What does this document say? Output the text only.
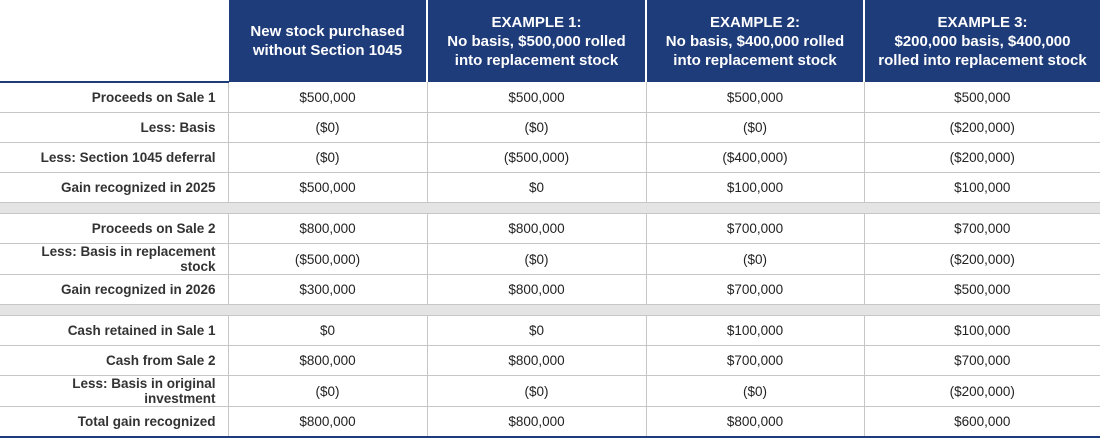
	New stock purchased
without Section 1045	EXAMPLE 1:
No basis, $500,000 rolled
into replacement stock	EXAMPLE 2:
No basis, $400,000 rolled
into replacement stock	EXAMPLE 3:
$200,000 basis, $400,000
rolled into replacement stock

Proceeds on Sale 1	$500,000	$500,000	$500,000	$500,000
Less: Basis	($0)	($0)	($0)	($200,000)
Less: Section 1045 deferral	($0)	($500,000)	($400,000)	($200,000)
Gain recognized in 2025	$500,000	$0	$100,000	$100,000

Proceeds on Sale 2	$800,000	$800,000	$700,000	$700,000
Less: Basis in replacement stock	($500,000)	($0)	($0)	($200,000)
Gain recognized in 2026	$300,000	$800,000	$700,000	$500,000

Cash retained in Sale 1	$0	$0	$100,000	$100,000
Cash from Sale 2	$800,000	$800,000	$700,000	$700,000
Less: Basis in original investment	($0)	($0)	($0)	($200,000)
Total gain recognized	$800,000	$800,000	$800,000	$600,000
